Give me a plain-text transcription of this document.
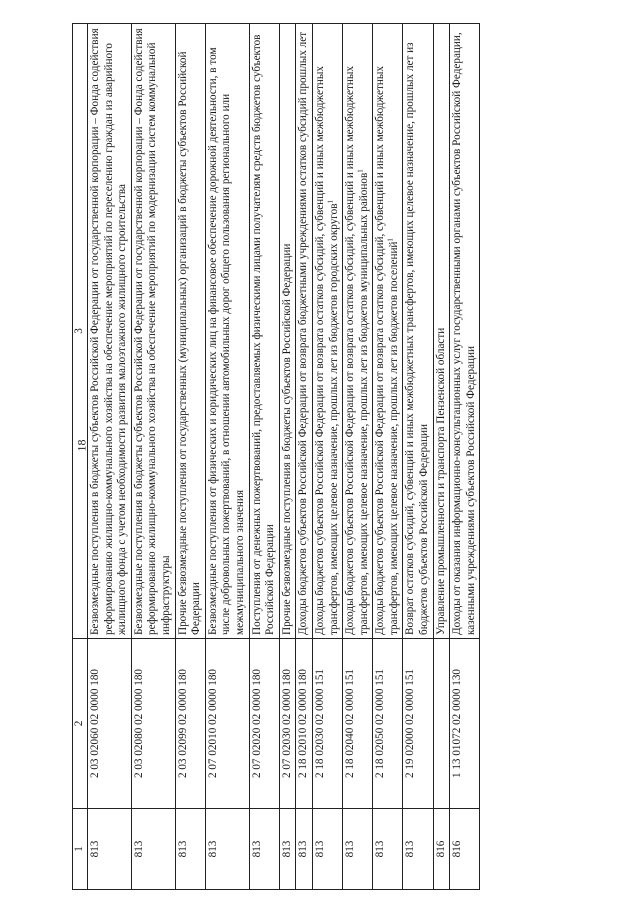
18
1	2	3
813	2 03 02060 02 0000 180	Безвозмездные поступления в бюджеты субъектов Российской Федерации от государственной корпорации – Фонда содействия реформированию жилищно-коммунального хозяйства на обеспечение мероприятий по переселению граждан из аварийного жилищного фонда с учетом необходимости развития малоэтажного жилищного строительства
813	2 03 02080 02 0000 180	Безвозмездные поступления в бюджеты субъектов Российской Федерации от государственной корпорации – Фонда содействия реформированию жилищно-коммунального хозяйства на обеспечение мероприятий по модернизации систем коммунальной инфраструктуры
813	2 03 02099 02 0000 180	Прочие безвозмездные поступления от государственных (муниципальных) организаций в бюджеты субъектов Российской Федерации
813	2 07 02010 02 0000 180	Безвозмездные поступления от физических и юридических лиц на финансовое обеспечение дорожной деятельности, в том числе добровольных пожертвований, в отношении автомобильных дорог общего пользования регионального или межмуниципального значения
813	2 07 02020 02 0000 180	Поступления от денежных пожертвований, предоставляемых физическими лицами получателям средств бюджетов субъектов Российской Федерации
813	2 07 02030 02 0000 180	Прочие безвозмездные поступления в бюджеты субъектов Российской Федерации
813	2 18 02010 02 0000 180	Доходы бюджетов субъектов Российской Федерации от возврата бюджетными учреждениями остатков субсидий прошлых лет
813	2 18 02030 02 0000 151	Доходы бюджетов субъектов Российской Федерации от возврата остатков субсидий, субвенций и иных межбюджетных трансфертов, имеющих целевое назначение, прошлых лет из бюджетов городских округов$^1$
813	2 18 02040 02 0000 151	Доходы бюджетов субъектов Российской Федерации от возврата остатков субсидий, субвенций и иных межбюджетных трансфертов, имеющих целевое назначение, прошлых лет из бюджетов муниципальных районов$^1$
813	2 18 02050 02 0000 151	Доходы бюджетов субъектов Российской Федерации от возврата остатков субсидий, субвенций и иных межбюджетных трансфертов, имеющих целевое назначение, прошлых лет из бюджетов поселений$^1$
813	2 19 02000 02 0000 151	Возврат остатков субсидий, субвенций и иных межбюджетных трансфертов, имеющих целевое назначение, прошлых лет из бюджетов субъектов Российской Федерации
816		Управление промышленности и транспорта Пензенской области
816	1 13 01072 02 0000 130	Доходы от оказания информационно-консультационных услуг государственными органами субъектов Российской Федерации, казенными учреждениями субъектов Российской Федерации
